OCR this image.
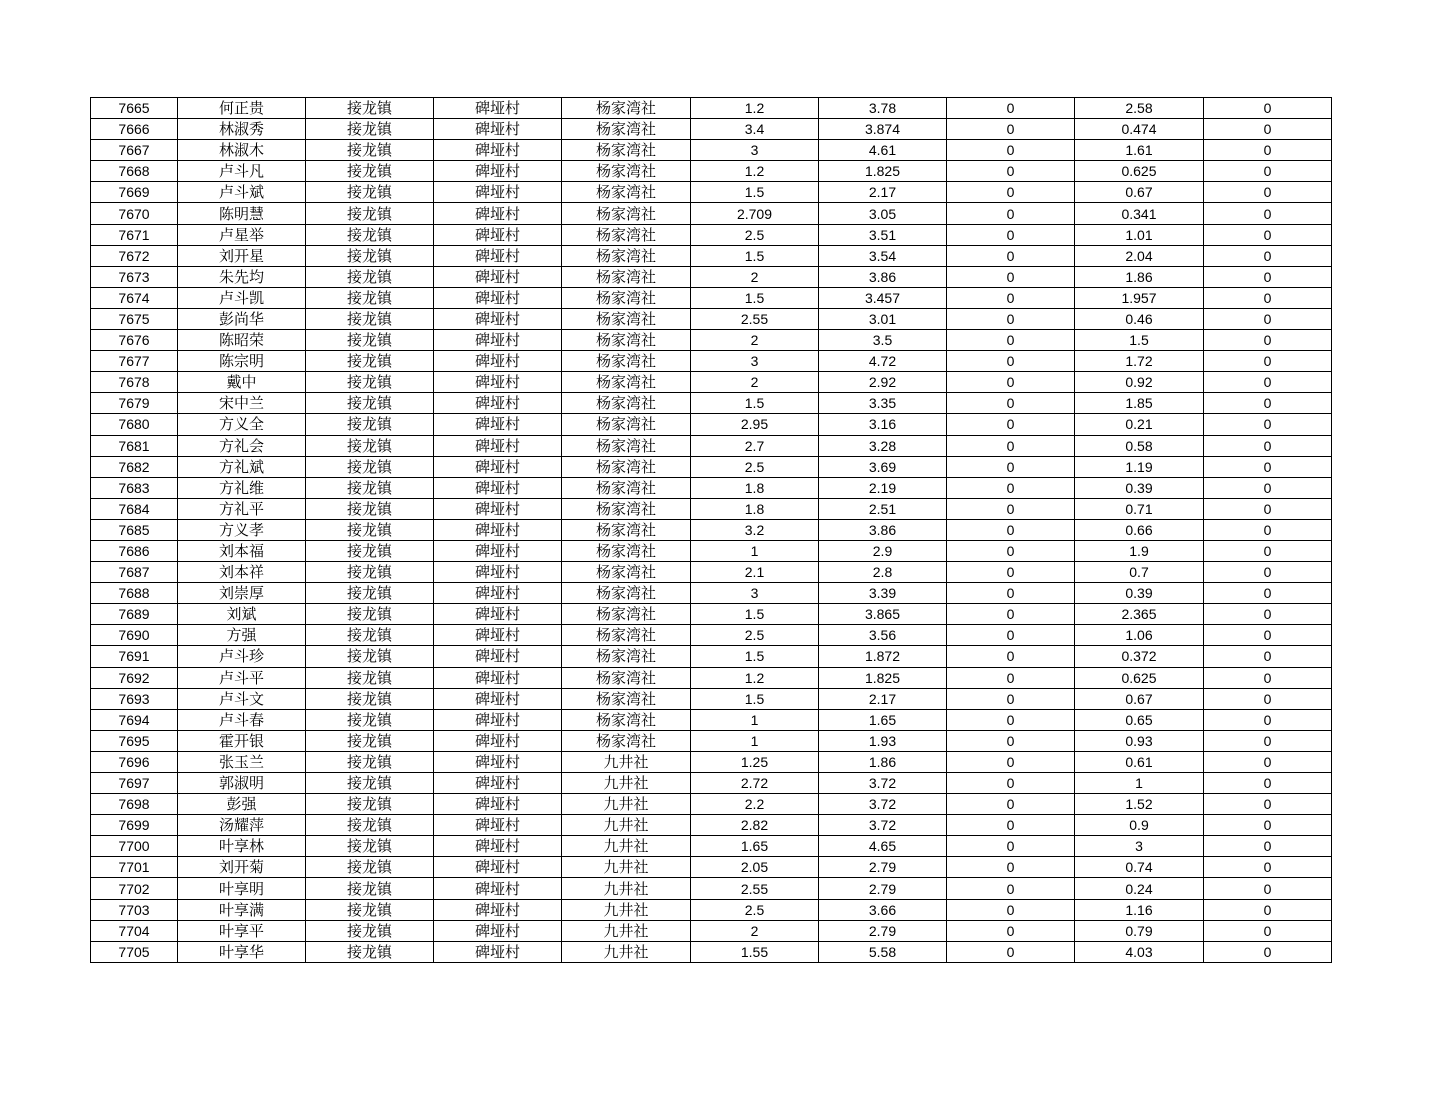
7665	何正贵	接龙镇	碑垭村	杨家湾社	1.2	3.78	0	2.58	0
7666	林淑秀	接龙镇	碑垭村	杨家湾社	3.4	3.874	0	0.474	0
7667	林淑木	接龙镇	碑垭村	杨家湾社	3	4.61	0	1.61	0
7668	卢斗凡	接龙镇	碑垭村	杨家湾社	1.2	1.825	0	0.625	0
7669	卢斗斌	接龙镇	碑垭村	杨家湾社	1.5	2.17	0	0.67	0
7670	陈明慧	接龙镇	碑垭村	杨家湾社	2.709	3.05	0	0.341	0
7671	卢星举	接龙镇	碑垭村	杨家湾社	2.5	3.51	0	1.01	0
7672	刘开星	接龙镇	碑垭村	杨家湾社	1.5	3.54	0	2.04	0
7673	朱先均	接龙镇	碑垭村	杨家湾社	2	3.86	0	1.86	0
7674	卢斗凯	接龙镇	碑垭村	杨家湾社	1.5	3.457	0	1.957	0
7675	彭尚华	接龙镇	碑垭村	杨家湾社	2.55	3.01	0	0.46	0
7676	陈昭荣	接龙镇	碑垭村	杨家湾社	2	3.5	0	1.5	0
7677	陈宗明	接龙镇	碑垭村	杨家湾社	3	4.72	0	1.72	0
7678	戴中	接龙镇	碑垭村	杨家湾社	2	2.92	0	0.92	0
7679	宋中兰	接龙镇	碑垭村	杨家湾社	1.5	3.35	0	1.85	0
7680	方义全	接龙镇	碑垭村	杨家湾社	2.95	3.16	0	0.21	0
7681	方礼会	接龙镇	碑垭村	杨家湾社	2.7	3.28	0	0.58	0
7682	方礼斌	接龙镇	碑垭村	杨家湾社	2.5	3.69	0	1.19	0
7683	方礼维	接龙镇	碑垭村	杨家湾社	1.8	2.19	0	0.39	0
7684	方礼平	接龙镇	碑垭村	杨家湾社	1.8	2.51	0	0.71	0
7685	方义孝	接龙镇	碑垭村	杨家湾社	3.2	3.86	0	0.66	0
7686	刘本福	接龙镇	碑垭村	杨家湾社	1	2.9	0	1.9	0
7687	刘本祥	接龙镇	碑垭村	杨家湾社	2.1	2.8	0	0.7	0
7688	刘崇厚	接龙镇	碑垭村	杨家湾社	3	3.39	0	0.39	0
7689	刘斌	接龙镇	碑垭村	杨家湾社	1.5	3.865	0	2.365	0
7690	方强	接龙镇	碑垭村	杨家湾社	2.5	3.56	0	1.06	0
7691	卢斗珍	接龙镇	碑垭村	杨家湾社	1.5	1.872	0	0.372	0
7692	卢斗平	接龙镇	碑垭村	杨家湾社	1.2	1.825	0	0.625	0
7693	卢斗文	接龙镇	碑垭村	杨家湾社	1.5	2.17	0	0.67	0
7694	卢斗春	接龙镇	碑垭村	杨家湾社	1	1.65	0	0.65	0
7695	霍开银	接龙镇	碑垭村	杨家湾社	1	1.93	0	0.93	0
7696	张玉兰	接龙镇	碑垭村	九井社	1.25	1.86	0	0.61	0
7697	郭淑明	接龙镇	碑垭村	九井社	2.72	3.72	0	1	0
7698	彭强	接龙镇	碑垭村	九井社	2.2	3.72	0	1.52	0
7699	汤耀萍	接龙镇	碑垭村	九井社	2.82	3.72	0	0.9	0
7700	叶享林	接龙镇	碑垭村	九井社	1.65	4.65	0	3	0
7701	刘开菊	接龙镇	碑垭村	九井社	2.05	2.79	0	0.74	0
7702	叶享明	接龙镇	碑垭村	九井社	2.55	2.79	0	0.24	0
7703	叶享满	接龙镇	碑垭村	九井社	2.5	3.66	0	1.16	0
7704	叶享平	接龙镇	碑垭村	九井社	2	2.79	0	0.79	0
7705	叶享华	接龙镇	碑垭村	九井社	1.55	5.58	0	4.03	0
